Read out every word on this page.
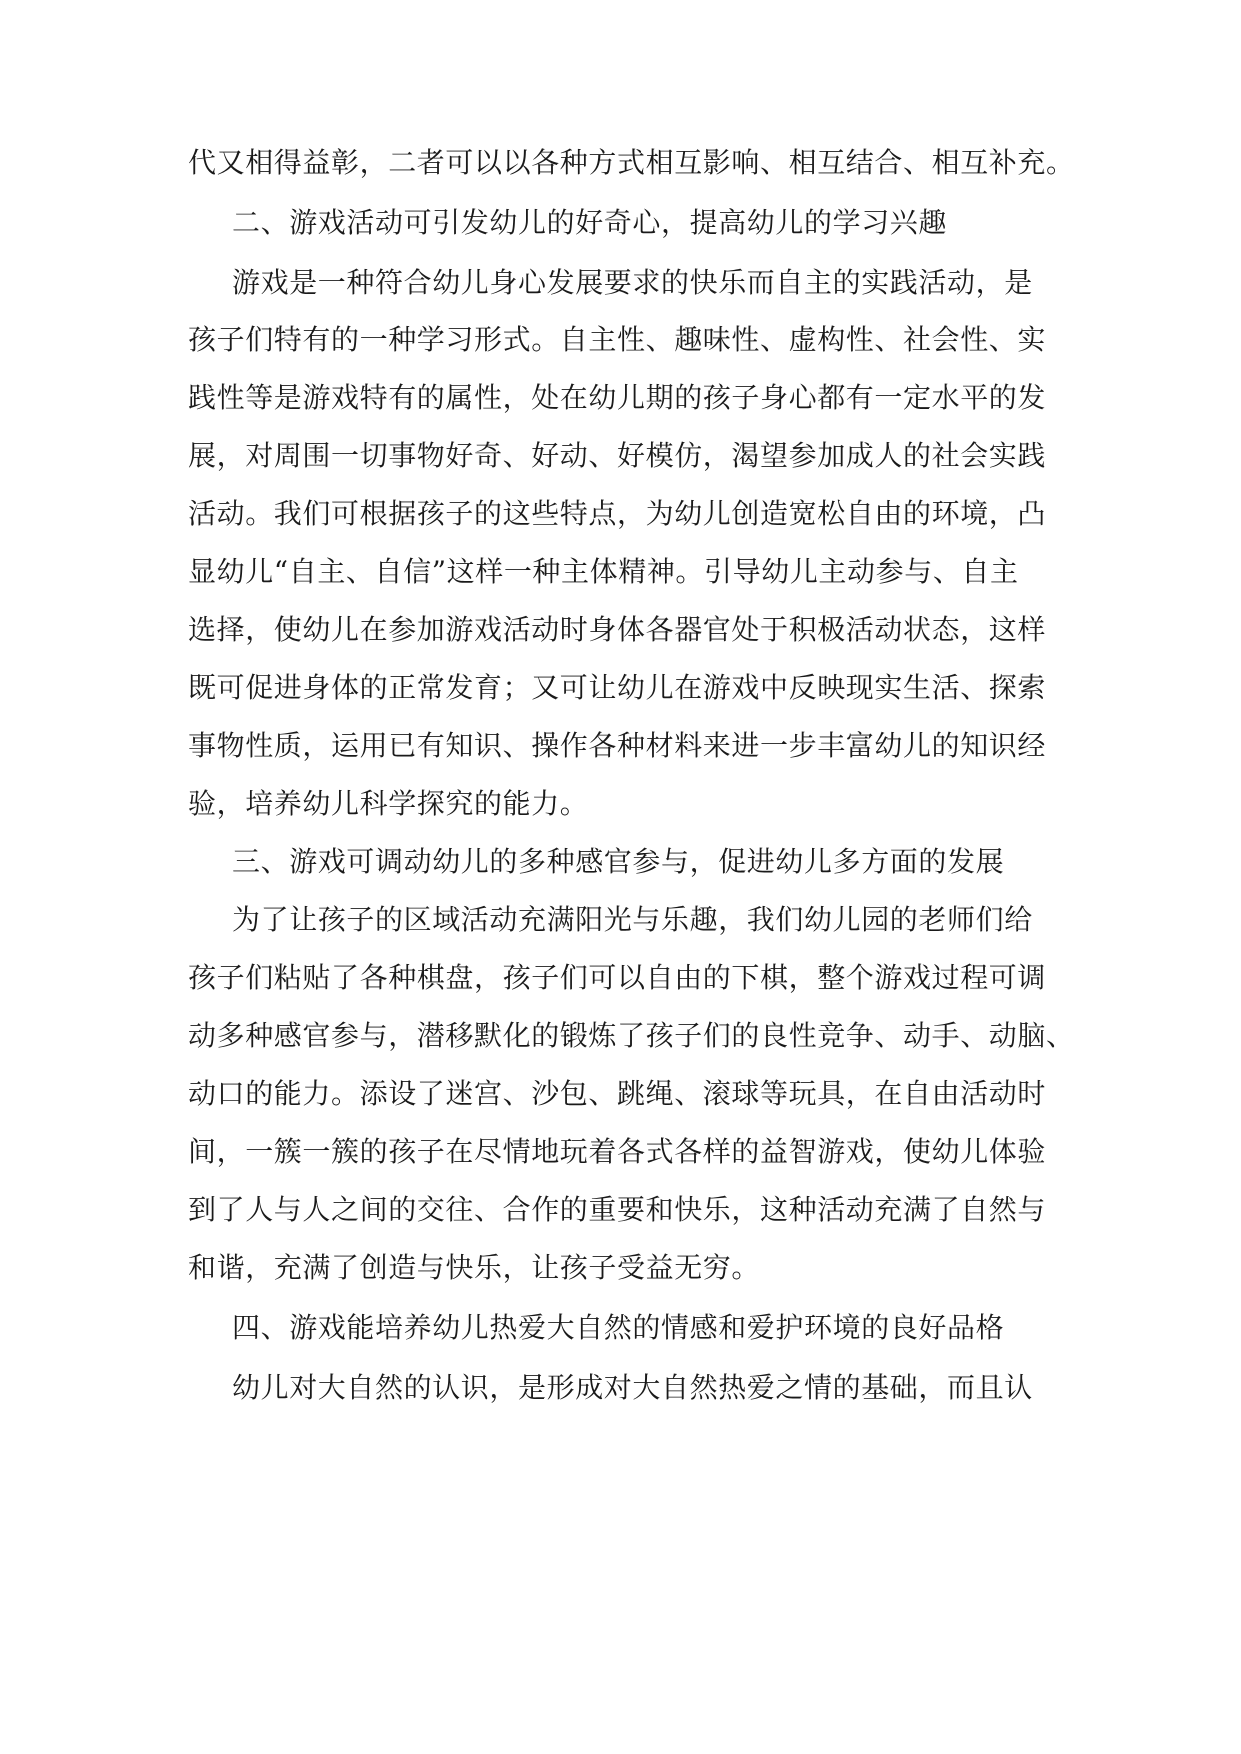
代又相得益彰，二者可以以各种方式相互影响、相互结合、相互补充。
二、游戏活动可引发幼儿的好奇心，提高幼儿的学习兴趣
游戏是一种符合幼儿身心发展要求的快乐而自主的实践活动，是
孩子们特有的一种学习形式。自主性、趣味性、虚构性、社会性、实
践性等是游戏特有的属性，处在幼儿期的孩子身心都有一定水平的发
展，对周围一切事物好奇、好动、好模仿，渴望参加成人的社会实践
活动。我们可根据孩子的这些特点，为幼儿创造宽松自由的环境，凸
显幼儿“自主、自信”这样一种主体精神。引导幼儿主动参与、自主
选择，使幼儿在参加游戏活动时身体各器官处于积极活动状态，这样
既可促进身体的正常发育；又可让幼儿在游戏中反映现实生活、探索
事物性质，运用已有知识、操作各种材料来进一步丰富幼儿的知识经
验，培养幼儿科学探究的能力。
三、游戏可调动幼儿的多种感官参与，促进幼儿多方面的发展
为了让孩子的区域活动充满阳光与乐趣，我们幼儿园的老师们给
孩子们粘贴了各种棋盘，孩子们可以自由的下棋，整个游戏过程可调
动多种感官参与，潜移默化的锻炼了孩子们的良性竞争、动手、动脑、
动口的能力。添设了迷宫、沙包、跳绳、滚球等玩具，在自由活动时
间，一簇一簇的孩子在尽情地玩着各式各样的益智游戏，使幼儿体验
到了人与人之间的交往、合作的重要和快乐，这种活动充满了自然与
和谐，充满了创造与快乐，让孩子受益无穷。
四、游戏能培养幼儿热爱大自然的情感和爱护环境的良好品格
幼儿对大自然的认识，是形成对大自然热爱之情的基础，而且认
